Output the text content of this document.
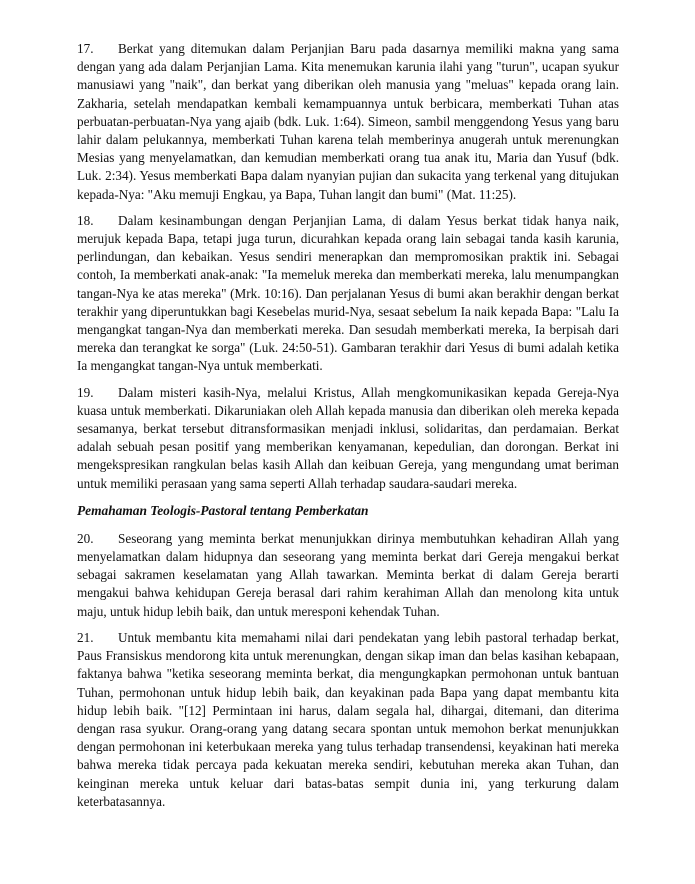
17. Berkat yang ditemukan dalam Perjanjian Baru pada dasarnya memiliki makna yang sama dengan yang ada dalam Perjanjian Lama. Kita menemukan karunia ilahi yang "turun", ucapan syukur manusiawi yang "naik", dan berkat yang diberikan oleh manusia yang "meluas" kepada orang lain. Zakharia, setelah mendapatkan kembali kemampuannya untuk berbicara, memberkati Tuhan atas perbuatan-perbuatan-Nya yang ajaib (bdk. Luk. 1:64). Simeon, sambil menggendong Yesus yang baru lahir dalam pelukannya, memberkati Tuhan karena telah memberinya anugerah untuk merenungkan Mesias yang menyelamatkan, dan kemudian memberkati orang tua anak itu, Maria dan Yusuf (bdk. Luk. 2:34). Yesus memberkati Bapa dalam nyanyian pujian dan sukacita yang terkenal yang ditujukan kepada-Nya: "Aku memuji Engkau, ya Bapa, Tuhan langit dan bumi" (Mat. 11:25).

18. Dalam kesinambungan dengan Perjanjian Lama, di dalam Yesus berkat tidak hanya naik, merujuk kepada Bapa, tetapi juga turun, dicurahkan kepada orang lain sebagai tanda kasih karunia, perlindungan, dan kebaikan. Yesus sendiri menerapkan dan mempromosikan praktik ini. Sebagai contoh, Ia memberkati anak-anak: "Ia memeluk mereka dan memberkati mereka, lalu menumpangkan tangan-Nya ke atas mereka" (Mrk. 10:16). Dan perjalanan Yesus di bumi akan berakhir dengan berkat terakhir yang diperuntukkan bagi Kesebelas murid-Nya, sesaat sebelum Ia naik kepada Bapa: "Lalu Ia mengangkat tangan-Nya dan memberkati mereka. Dan sesudah memberkati mereka, Ia berpisah dari mereka dan terangkat ke sorga" (Luk. 24:50-51). Gambaran terakhir dari Yesus di bumi adalah ketika Ia mengangkat tangan-Nya untuk memberkati.

19. Dalam misteri kasih-Nya, melalui Kristus, Allah mengkomunikasikan kepada Gereja-Nya kuasa untuk memberkati. Dikaruniakan oleh Allah kepada manusia dan diberikan oleh mereka kepada sesamanya, berkat tersebut ditransformasikan menjadi inklusi, solidaritas, dan perdamaian. Berkat adalah sebuah pesan positif yang memberikan kenyamanan, kepedulian, dan dorongan. Berkat ini mengekspresikan rangkulan belas kasih Allah dan keibuan Gereja, yang mengundang umat beriman untuk memiliki perasaan yang sama seperti Allah terhadap saudara-saudari mereka.

Pemahaman Teologis-Pastoral tentang Pemberkatan

20. Seseorang yang meminta berkat menunjukkan dirinya membutuhkan kehadiran Allah yang menyelamatkan dalam hidupnya dan seseorang yang meminta berkat dari Gereja mengakui berkat sebagai sakramen keselamatan yang Allah tawarkan. Meminta berkat di dalam Gereja berarti mengakui bahwa kehidupan Gereja berasal dari rahim kerahiman Allah dan menolong kita untuk maju, untuk hidup lebih baik, dan untuk meresponi kehendak Tuhan.

21. Untuk membantu kita memahami nilai dari pendekatan yang lebih pastoral terhadap berkat, Paus Fransiskus mendorong kita untuk merenungkan, dengan sikap iman dan belas kasihan kebapaan, faktanya bahwa "ketika seseorang meminta berkat, dia mengungkapkan permohonan untuk bantuan Tuhan, permohonan untuk hidup lebih baik, dan keyakinan pada Bapa yang dapat membantu kita hidup lebih baik. "[12] Permintaan ini harus, dalam segala hal, dihargai, ditemani, dan diterima dengan rasa syukur. Orang-orang yang datang secara spontan untuk memohon berkat menunjukkan dengan permohonan ini keterbukaan mereka yang tulus terhadap transendensi, keyakinan hati mereka bahwa mereka tidak percaya pada kekuatan mereka sendiri, kebutuhan mereka akan Tuhan, dan keinginan mereka untuk keluar dari batas-batas sempit dunia ini, yang terkurung dalam keterbatasannya.
